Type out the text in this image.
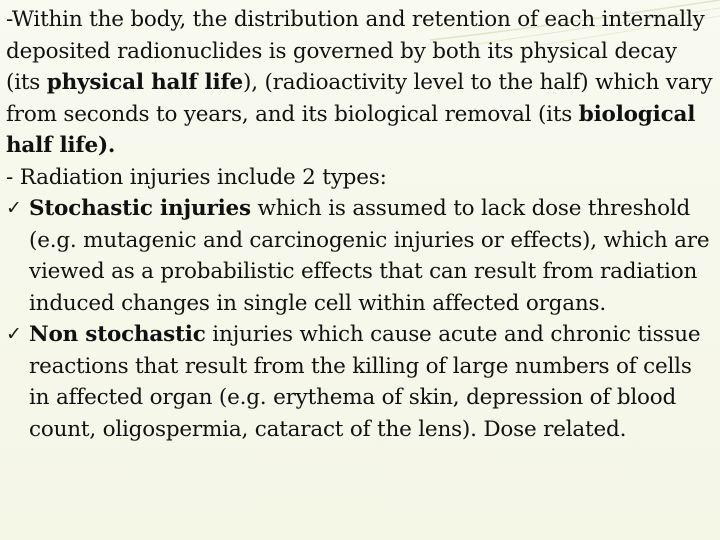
-Within the body, the distribution and retention of each internally deposited radionuclides is governed by both its physical decay (its physical half life), (radioactivity level to the half) which vary from seconds to years, and its biological removal (its biological half life).

- Radiation injuries include 2 types:

✓ Stochastic injuries which is assumed to lack dose threshold (e.g. mutagenic and carcinogenic injuries or effects), which are viewed as a probabilistic effects that can result from radiation induced changes in single cell within affected organs.

✓ Non stochastic injuries which cause acute and chronic tissue reactions that result from the killing of large numbers of cells in affected organ (e.g. erythema of skin, depression of blood count, oligospermia, cataract of the lens). Dose related.
